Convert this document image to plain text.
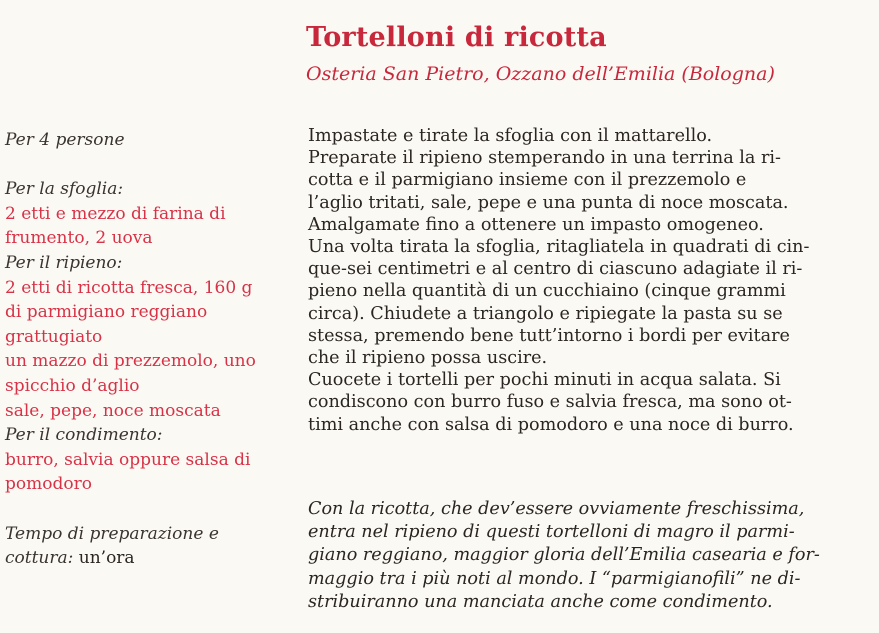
Tortelloni di ricotta
Osteria San Pietro, Ozzano dell’Emilia (Bologna)
Per 4 persone
Per la sfoglia:
2 etti e mezzo di farina di
frumento, 2 uova
Per il ripieno:
2 etti di ricotta fresca, 160 g
di parmigiano reggiano
grattugiato
un mazzo di prezzemolo, uno
spicchio d’aglio
sale, pepe, noce moscata
Per il condimento:
burro, salvia oppure salsa di
pomodoro
Tempo di preparazione e
cottura: un’ora
Impastate e tirate la sfoglia con il mattarello.
Preparate il ripieno stemperando in una terrina la ri-
cotta e il parmigiano insieme con il prezzemolo e
l’aglio tritati, sale, pepe e una punta di noce moscata.
Amalgamate fino a ottenere un impasto omogeneo.
Una volta tirata la sfoglia, ritagliatela in quadrati di cin-
que-sei centimetri e al centro di ciascuno adagiate il ri-
pieno nella quantità di un cucchiaino (cinque grammi
circa). Chiudete a triangolo e ripiegate la pasta su se
stessa, premendo bene tutt’intorno i bordi per evitare
che il ripieno possa uscire.
Cuocete i tortelli per pochi minuti in acqua salata. Si
condiscono con burro fuso e salvia fresca, ma sono ot-
timi anche con salsa di pomodoro e una noce di burro.
Con la ricotta, che dev’essere ovviamente freschissima,
entra nel ripieno di questi tortelloni di magro il parmi-
giano reggiano, maggior gloria dell’Emilia casearia e for-
maggio tra i più noti al mondo. I “parmigianofili” ne di-
stribuiranno una manciata anche come condimento.
